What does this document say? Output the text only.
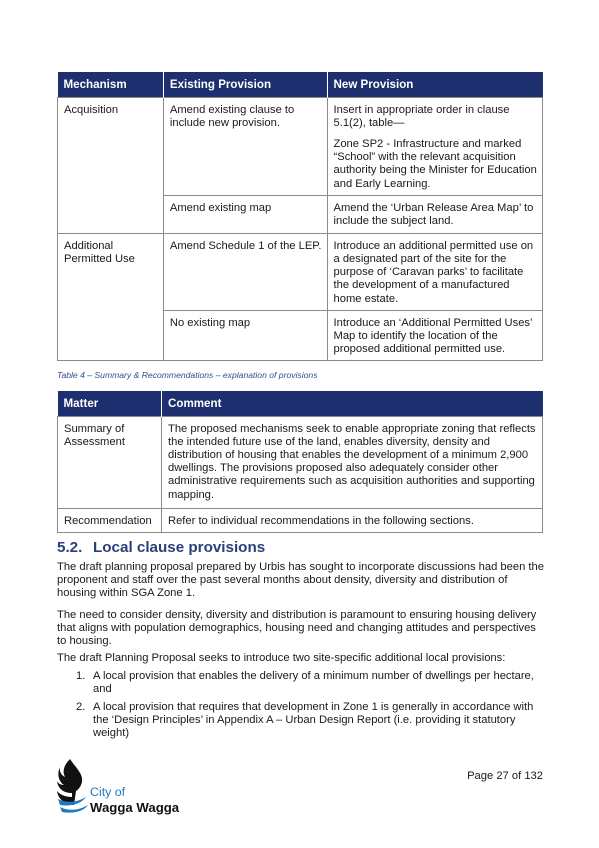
Mechanism	Existing Provision	New Provision
Acquisition	Amend existing clause to include new provision.	Insert in appropriate order in clause 5.1(2), table—

Zone SP2 - Infrastructure and marked “School” with the relevant acquisition authority being the Minister for Education and Early Learning.

	Amend existing map	Amend the ‘Urban Release Area Map’ to include the subject land.
Additional Permitted Use	Amend Schedule 1 of the LEP.	Introduce an additional permitted use on a designated part of the site for the purpose of ‘Caravan parks’ to facilitate the development of a manufactured home estate.
	No existing map	Introduce an ‘Additional Permitted Uses’ Map to identify the location of the proposed additional permitted use.
Table 4 – Summary & Recommendations – explanation of provisions
Matter	Comment
Summary of Assessment	The proposed mechanisms seek to enable appropriate zoning that reflects the intended future use of the land, enables diversity, density and distribution of housing that enables the development of a minimum 2,900 dwellings. The provisions proposed also adequately consider other administrative requirements such as acquisition authorities and supporting mapping.
Recommendation	Refer to individual recommendations in the following sections.
5.2. Local clause provisions

The draft planning proposal prepared by Urbis has sought to incorporate discussions had been the proponent and staff over the past several months about density, diversity and distribution of housing within SGA Zone 1.

The need to consider density, diversity and distribution is paramount to ensuring housing delivery that aligns with population demographics, housing need and changing attitudes and perspectives to housing.

The draft Planning Proposal seeks to introduce two site-specific additional local provisions:

1. A local provision that enables the delivery of a minimum number of dwellings per hectare, and
2. A local provision that requires that development in Zone 1 is generally in accordance with the ‘Design Principles’ in Appendix A – Urban Design Report (i.e. providing it statutory weight)
City of
Wagga Wagga
Page 27 of 132
